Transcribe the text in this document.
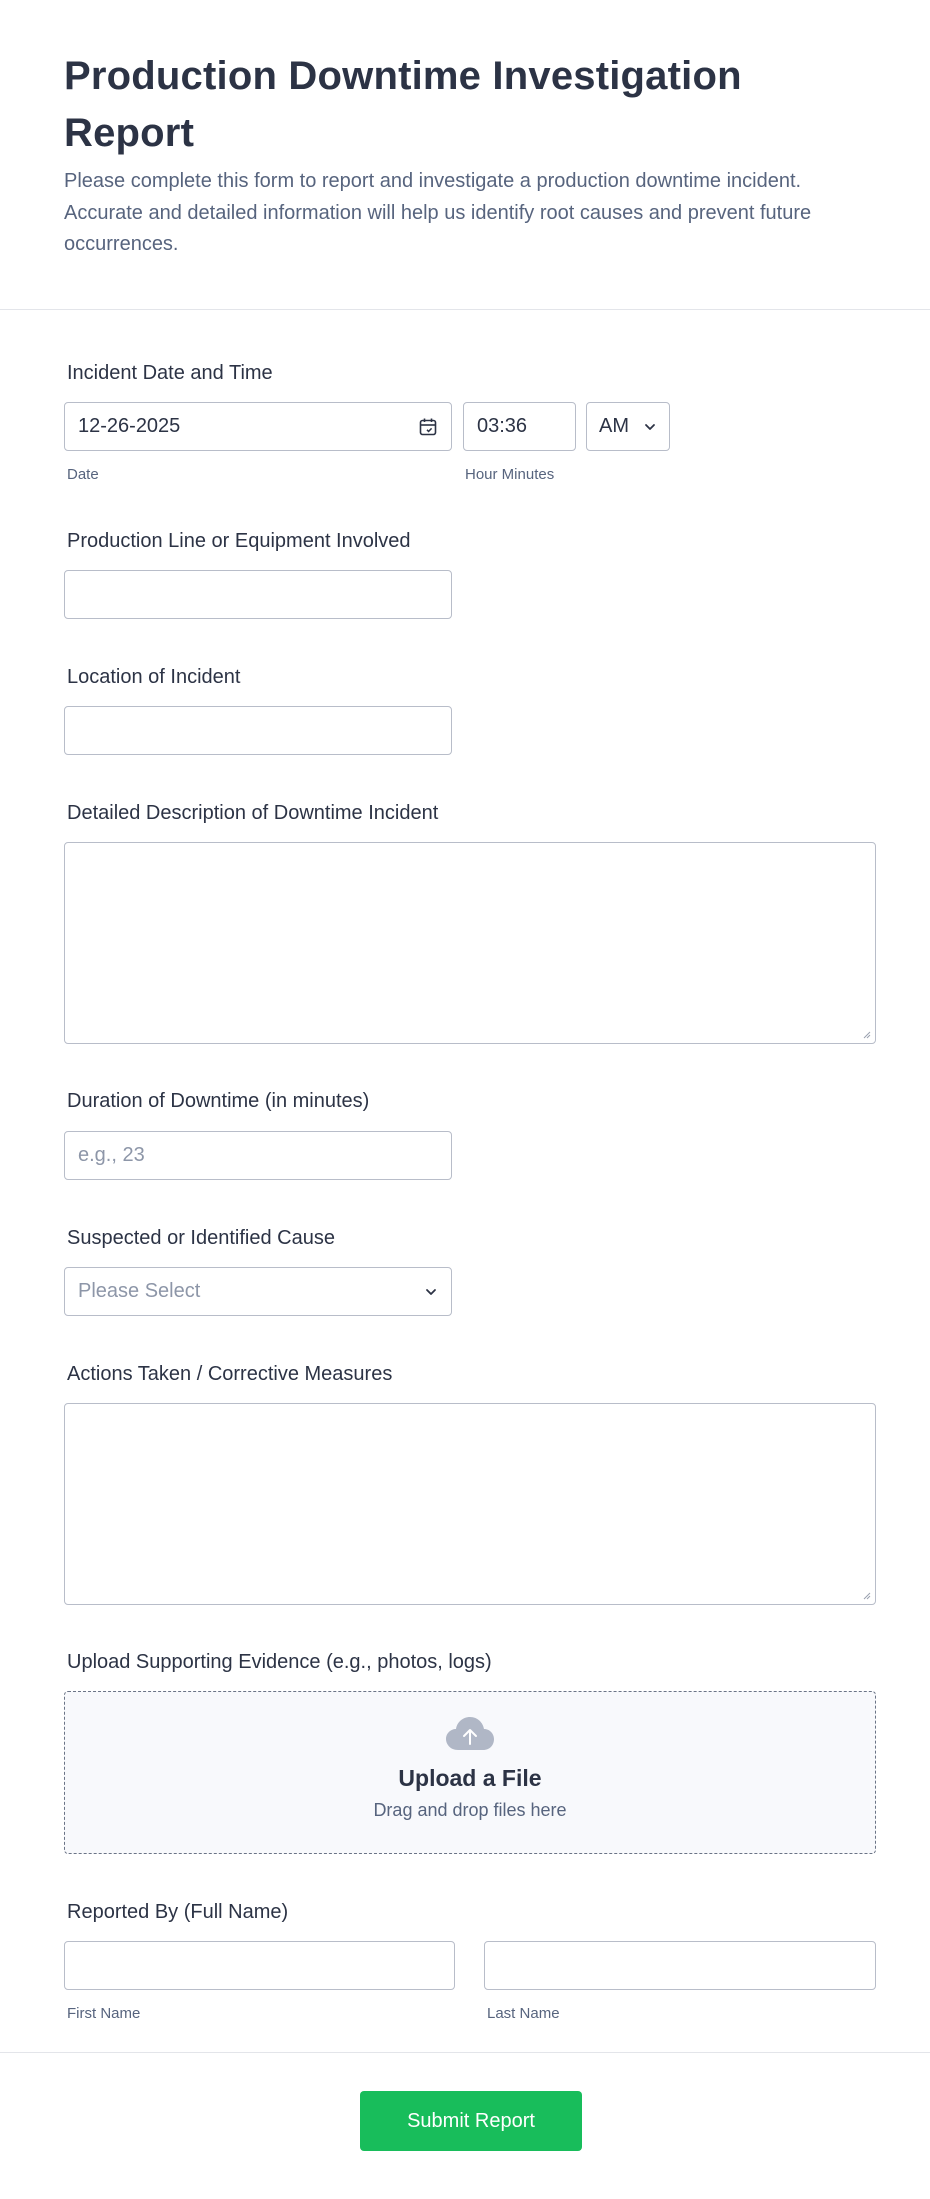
Production Downtime Investigation Report

Please complete this form to report and investigate a production downtime incident. Accurate and detailed information will help us identify root causes and prevent future occurrences.

Incident Date and Time
12-26-2025	03:36	AM
Date	Hour Minutes
Production Line or Equipment Involved
Location of Incident
Detailed Description of Downtime Incident
Duration of Downtime (in minutes)
e.g., 23
Suspected or Identified Cause
Please Select
Actions Taken / Corrective Measures
Upload Supporting Evidence (e.g., photos, logs)
Upload a File
Drag and drop files here
Reported By (Full Name)
First Name	Last Name
Submit Report
